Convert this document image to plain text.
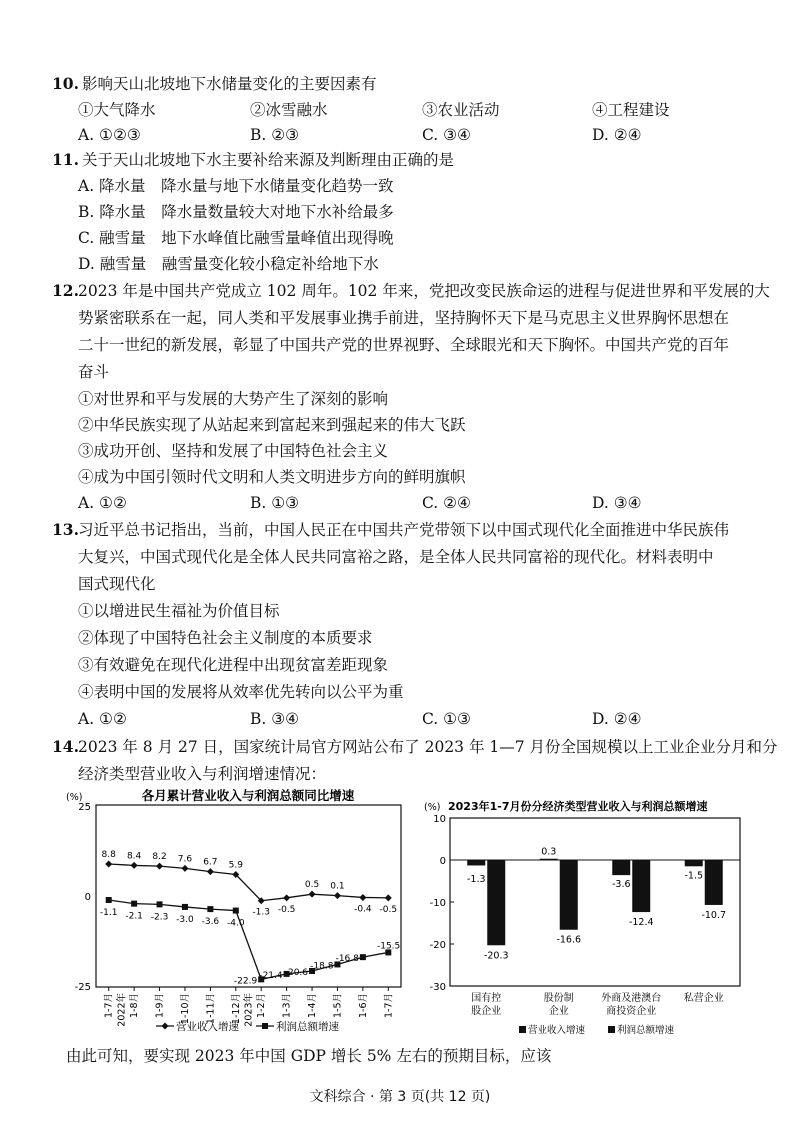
10. 影响天山北坡地下水储量变化的主要因素有
①大气降水	②冰雪融水	③农业活动	④工程建设
A. ①②③	B. ②③	C. ③④	D. ②④
11. 关于天山北坡地下水主要补给来源及判断理由正确的是
A. 降水量　降水量与地下水储量变化趋势一致
B. 降水量　降水量数量较大对地下水补给最多
C. 融雪量　地下水峰值比融雪量峰值出现得晚
D. 融雪量　融雪量变化较小稳定补给地下水
12. 2023 年是中国共产党成立 102 周年。102 年来，党把改变民族命运的进程与促进世界和平发展的大
势紧密联系在一起，同人类和平发展事业携手前进，坚持胸怀天下是马克思主义世界胸怀思想在
二十一世纪的新发展，彰显了中国共产党的世界视野、全球眼光和天下胸怀。中国共产党的百年
奋斗
①对世界和平与发展的大势产生了深刻的影响
②中华民族实现了从站起来到富起来到强起来的伟大飞跃
③成功开创、坚持和发展了中国特色社会主义
④成为中国引领时代文明和人类文明进步方向的鲜明旗帜
A. ①②	B. ①③	C. ②④	D. ③④
13. 习近平总书记指出，当前，中国人民正在中国共产党带领下以中国式现代化全面推进中华民族伟
大复兴，中国式现代化是全体人民共同富裕之路，是全体人民共同富裕的现代化。材料表明中
国式现代化
①以增进民生福祉为价值目标
②体现了中国特色社会主义制度的本质要求
③有效避免在现代化进程中出现贫富差距现象
④表明中国的发展将从效率优先转向以公平为重
A. ①②	B. ③④	C. ①③	D. ②④
14. 2023 年 8 月 27 日，国家统计局官方网站公布了 2023 年 1—7 月份全国规模以上工业企业分月和分
经济类型营业收入与利润增速情况：
(%)	各月累计营业收入与利润总额同比增速
25
0
-25
8.8 8.4 8.2 7.6 6.7 5.9
-1.3 -0.5
0.5 0.1
-0.4 -0.5
-1.1 -2.1 -2.3 -3.0 -3.6 -4.0
-22.9
-21.4 -20.6
-18.8
-16.8
-15.5
1-7月 1-8月 1-9月 1-10月 1-11月 1-12月 1-2月 1-3月 1-4月 1-5月 1-6月 1-7月
2022年	2023年
营业收入增速	利润总额增速
(%) 2023年1-7月份分经济类型营业收入与利润总额增速
10
0
-10
-20
-30
-1.3
-20.3
0.3
-16.6
-3.6
-12.4
-1.5
-10.7
国有控
股企业
股份制
企业
外商及港澳台
商投资企业
私营企业
营业收入增速	利润总额增速
由此可知，要实现 2023 年中国 GDP 增长 5% 左右的预期目标，应该
文科综合 · 第 3 页(共 12 页)
